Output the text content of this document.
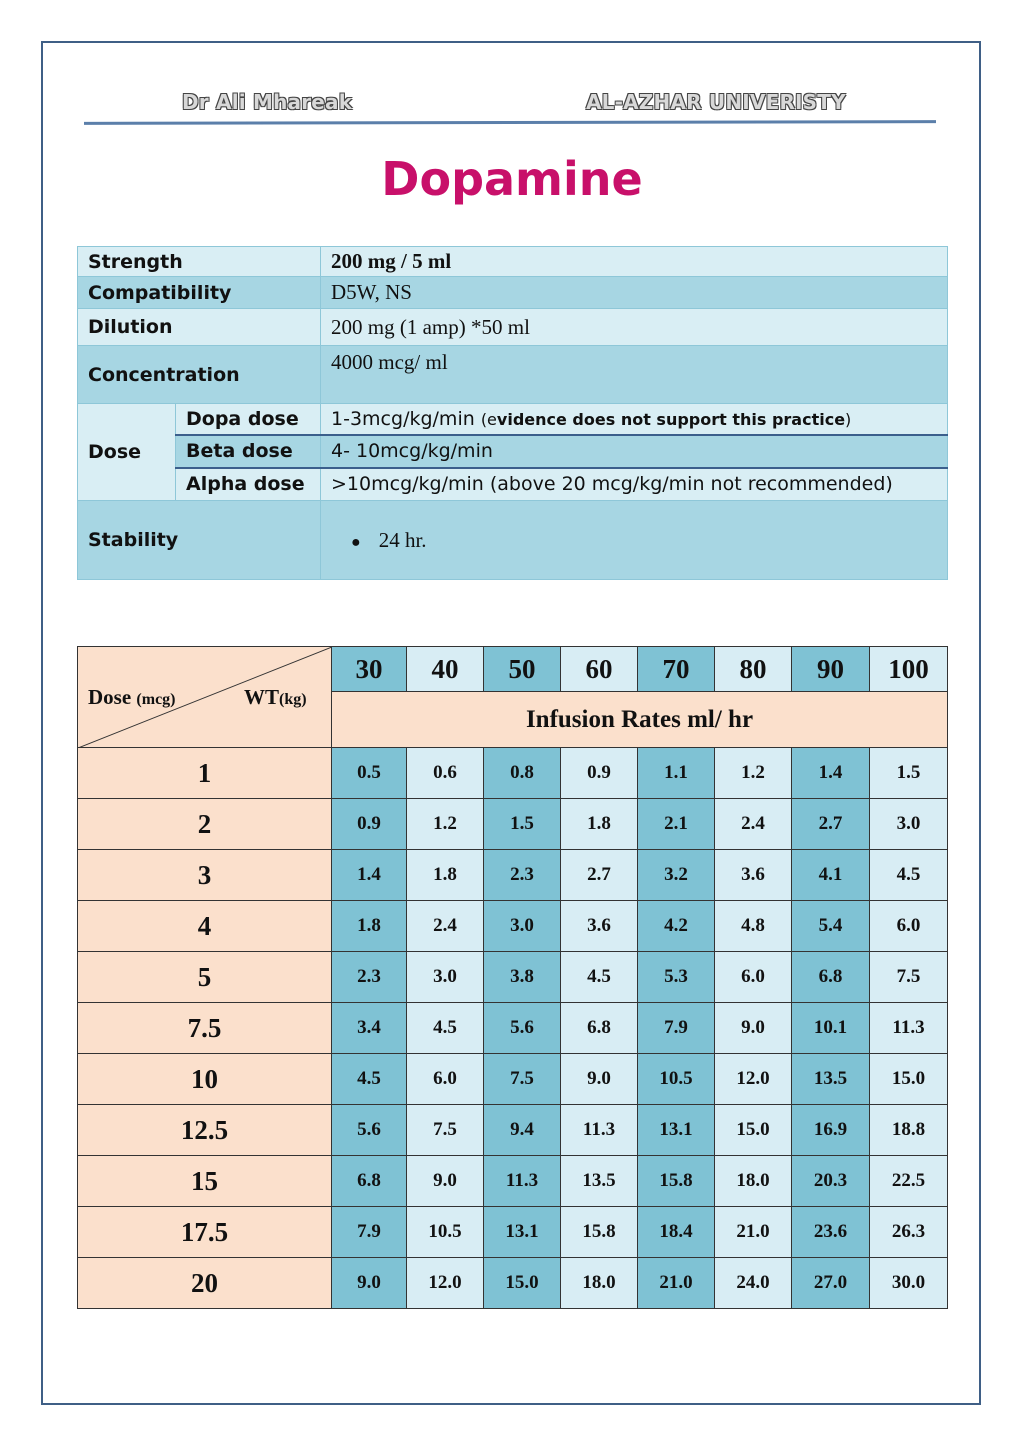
Dr Ali Mhareak	AL-AZHAR UNIVERISTY
Dopamine
Strength		200 mg / 5 ml
Compatibility		D5W, NS
Dilution		200 mg (1 amp) *50 ml
Concentration		4000 mcg/ ml
Dose	Dopa dose	1-3mcg/kg/min (evidence does not support this practice)
	Beta dose	4- 10mcg/kg/min
	Alpha dose	>10mcg/kg/min (above 20 mcg/kg/min not recommended)
Stability		● 24 hr.
Dose (mcg) WT(kg)	30	40	50	60	70	80	90	100
	Infusion Rates ml/ hr							
1	0.5	0.6	0.8	0.9	1.1	1.2	1.4	1.5
2	0.9	1.2	1.5	1.8	2.1	2.4	2.7	3.0
3	1.4	1.8	2.3	2.7	3.2	3.6	4.1	4.5
4	1.8	2.4	3.0	3.6	4.2	4.8	5.4	6.0
5	2.3	3.0	3.8	4.5	5.3	6.0	6.8	7.5
7.5	3.4	4.5	5.6	6.8	7.9	9.0	10.1	11.3
10	4.5	6.0	7.5	9.0	10.5	12.0	13.5	15.0
12.5	5.6	7.5	9.4	11.3	13.1	15.0	16.9	18.8
15	6.8	9.0	11.3	13.5	15.8	18.0	20.3	22.5
17.5	7.9	10.5	13.1	15.8	18.4	21.0	23.6	26.3
20	9.0	12.0	15.0	18.0	21.0	24.0	27.0	30.0
